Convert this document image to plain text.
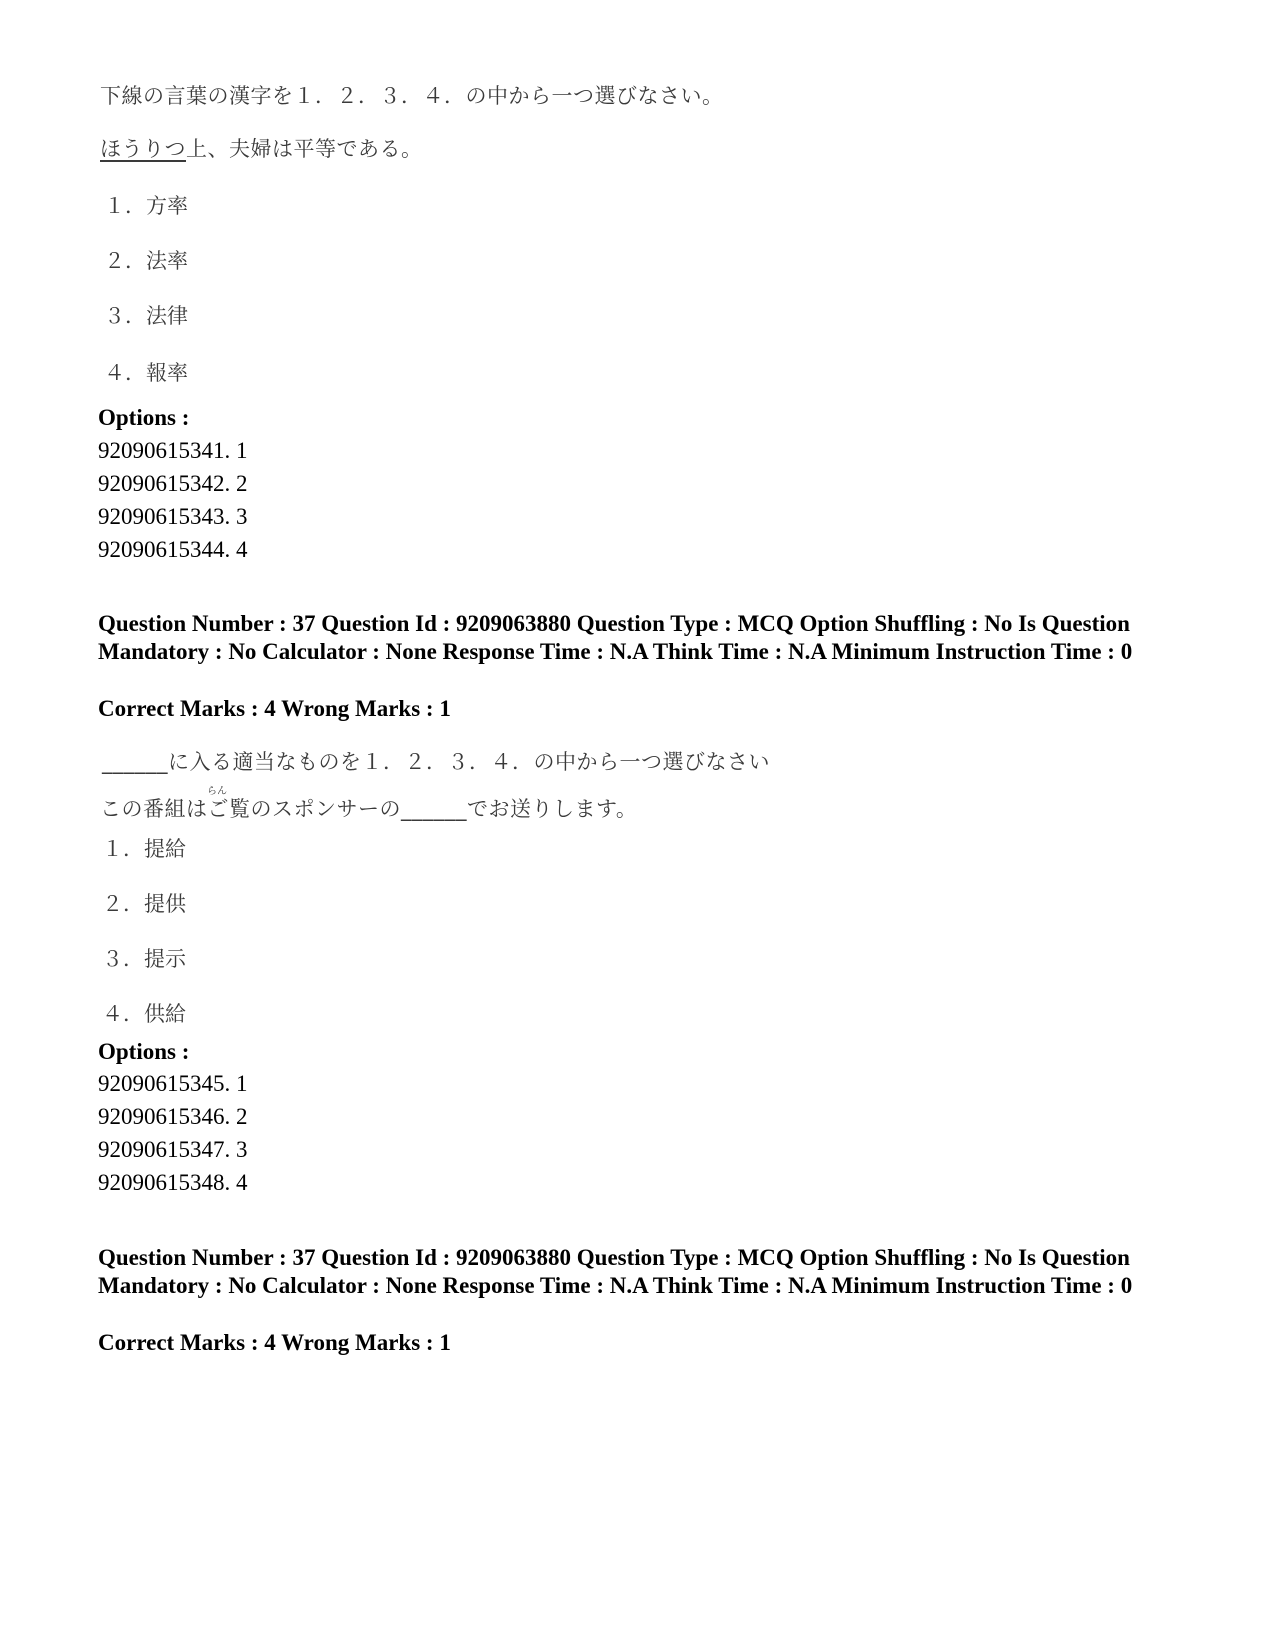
下線の言葉の漢字を１．２．３．４．の中から一つ選びなさい。
ほうりつ上、夫婦は平等である。
１．方率
２．法率
３．法律
４．報率
Options :
92090615341. 1
92090615342. 2
92090615343. 3
92090615344. 4
Question Number : 37 Question Id : 9209063880 Question Type : MCQ Option Shuffling : No Is Question Mandatory : No Calculator : None Response Time : N.A Think Time : N.A Minimum Instruction Time : 0
Correct Marks : 4 Wrong Marks : 1
______に入る適当なものを１．２．３．４．の中から一つ選びなさい
らん
この番組はご覧のスポンサーの______でお送りします。
１．提給
２．提供
３．提示
４．供給
Options :
92090615345. 1
92090615346. 2
92090615347. 3
92090615348. 4
Question Number : 37 Question Id : 9209063880 Question Type : MCQ Option Shuffling : No Is Question Mandatory : No Calculator : None Response Time : N.A Think Time : N.A Minimum Instruction Time : 0
Correct Marks : 4 Wrong Marks : 1
